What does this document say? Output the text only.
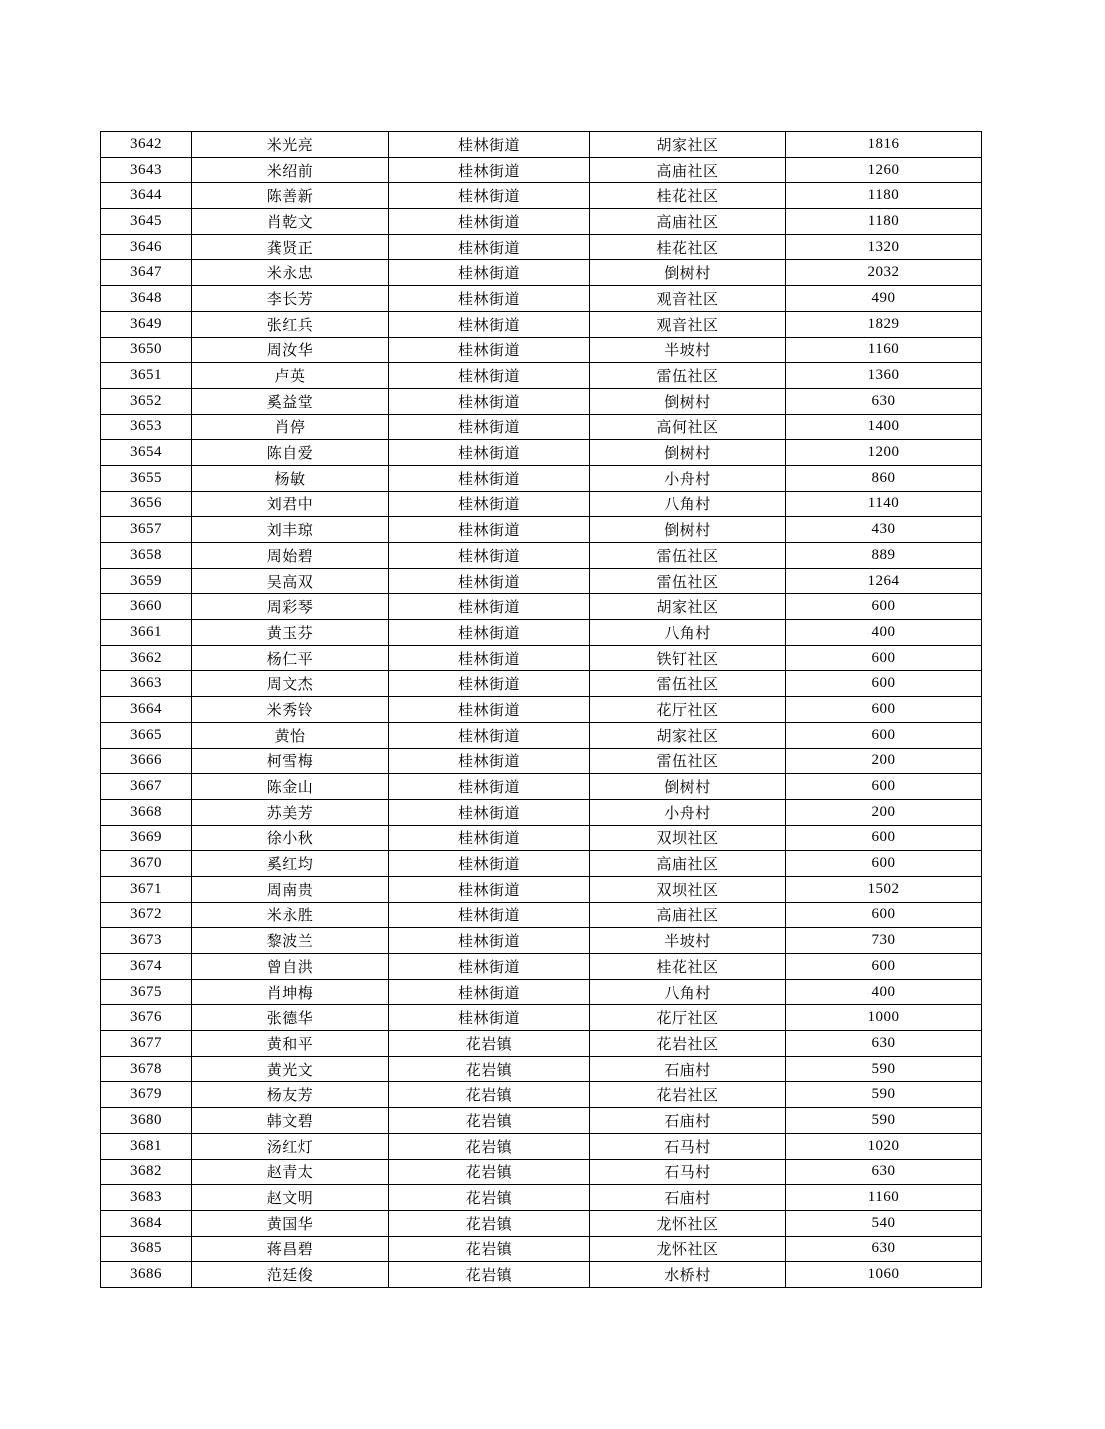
3642	米光亮	桂林街道	胡家社区	1816
3643	米绍前	桂林街道	高庙社区	1260
3644	陈善新	桂林街道	桂花社区	1180
3645	肖乾文	桂林街道	高庙社区	1180
3646	龚贤正	桂林街道	桂花社区	1320
3647	米永忠	桂林街道	倒树村	2032
3648	李长芳	桂林街道	观音社区	490
3649	张红兵	桂林街道	观音社区	1829
3650	周汝华	桂林街道	半坡村	1160
3651	卢英	桂林街道	雷伍社区	1360
3652	奚益堂	桂林街道	倒树村	630
3653	肖停	桂林街道	高何社区	1400
3654	陈自爱	桂林街道	倒树村	1200
3655	杨敏	桂林街道	小舟村	860
3656	刘君中	桂林街道	八角村	1140
3657	刘丰琼	桂林街道	倒树村	430
3658	周始碧	桂林街道	雷伍社区	889
3659	吴高双	桂林街道	雷伍社区	1264
3660	周彩琴	桂林街道	胡家社区	600
3661	黄玉芬	桂林街道	八角村	400
3662	杨仁平	桂林街道	铁钉社区	600
3663	周文杰	桂林街道	雷伍社区	600
3664	米秀铃	桂林街道	花厅社区	600
3665	黄怡	桂林街道	胡家社区	600
3666	柯雪梅	桂林街道	雷伍社区	200
3667	陈金山	桂林街道	倒树村	600
3668	苏美芳	桂林街道	小舟村	200
3669	徐小秋	桂林街道	双坝社区	600
3670	奚红均	桂林街道	高庙社区	600
3671	周南贵	桂林街道	双坝社区	1502
3672	米永胜	桂林街道	高庙社区	600
3673	黎波兰	桂林街道	半坡村	730
3674	曾自洪	桂林街道	桂花社区	600
3675	肖坤梅	桂林街道	八角村	400
3676	张德华	桂林街道	花厅社区	1000
3677	黄和平	花岩镇	花岩社区	630
3678	黄光文	花岩镇	石庙村	590
3679	杨友芳	花岩镇	花岩社区	590
3680	韩文碧	花岩镇	石庙村	590
3681	汤红灯	花岩镇	石马村	1020
3682	赵青太	花岩镇	石马村	630
3683	赵文明	花岩镇	石庙村	1160
3684	黄国华	花岩镇	龙怀社区	540
3685	蒋昌碧	花岩镇	龙怀社区	630
3686	范廷俊	花岩镇	水桥村	1060
